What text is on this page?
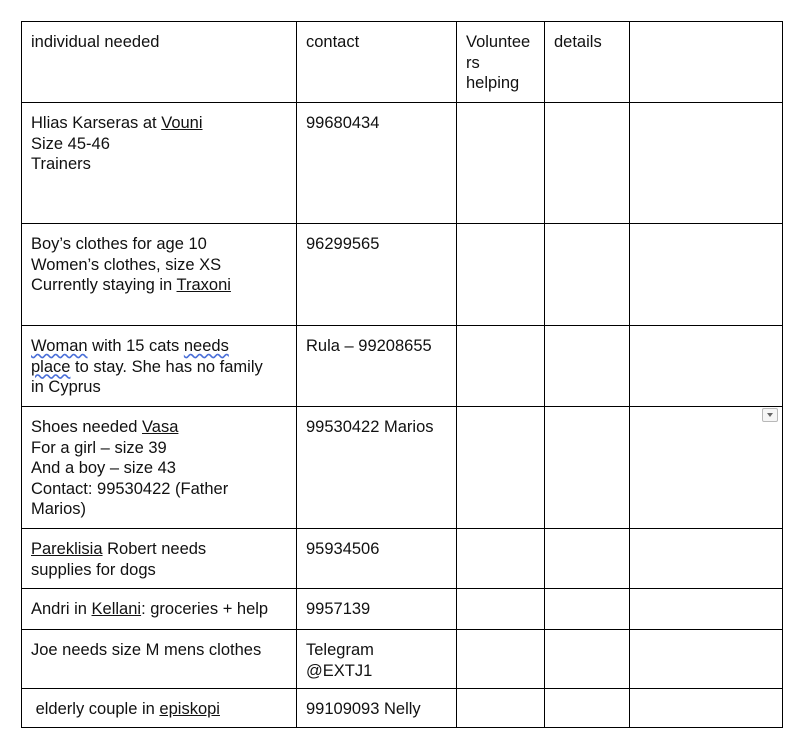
individual needed	contact	Voluntee
rs
helping	details	

Hlias Karseras at Vouni
Size 45-46
Trainers	99680434			

Boy’s clothes for age 10
Women’s clothes, size XS
Currently staying in Traxoni	96299565			

Woman with 15 cats needs
place to stay. She has no family
in Cyprus	Rula – 99208655			

Shoes needed Vasa
For a girl – size 39
And a boy – size 43
Contact: 99530422 (Father
Marios)	99530422 Marios			

Pareklisia Robert needs
supplies for dogs	95934506			

Andri in Kellani: groceries + help	9957139			

Joe needs size M mens clothes	Telegram
@EXTJ1			

elderly couple in episkopi	99109093 Nelly			
